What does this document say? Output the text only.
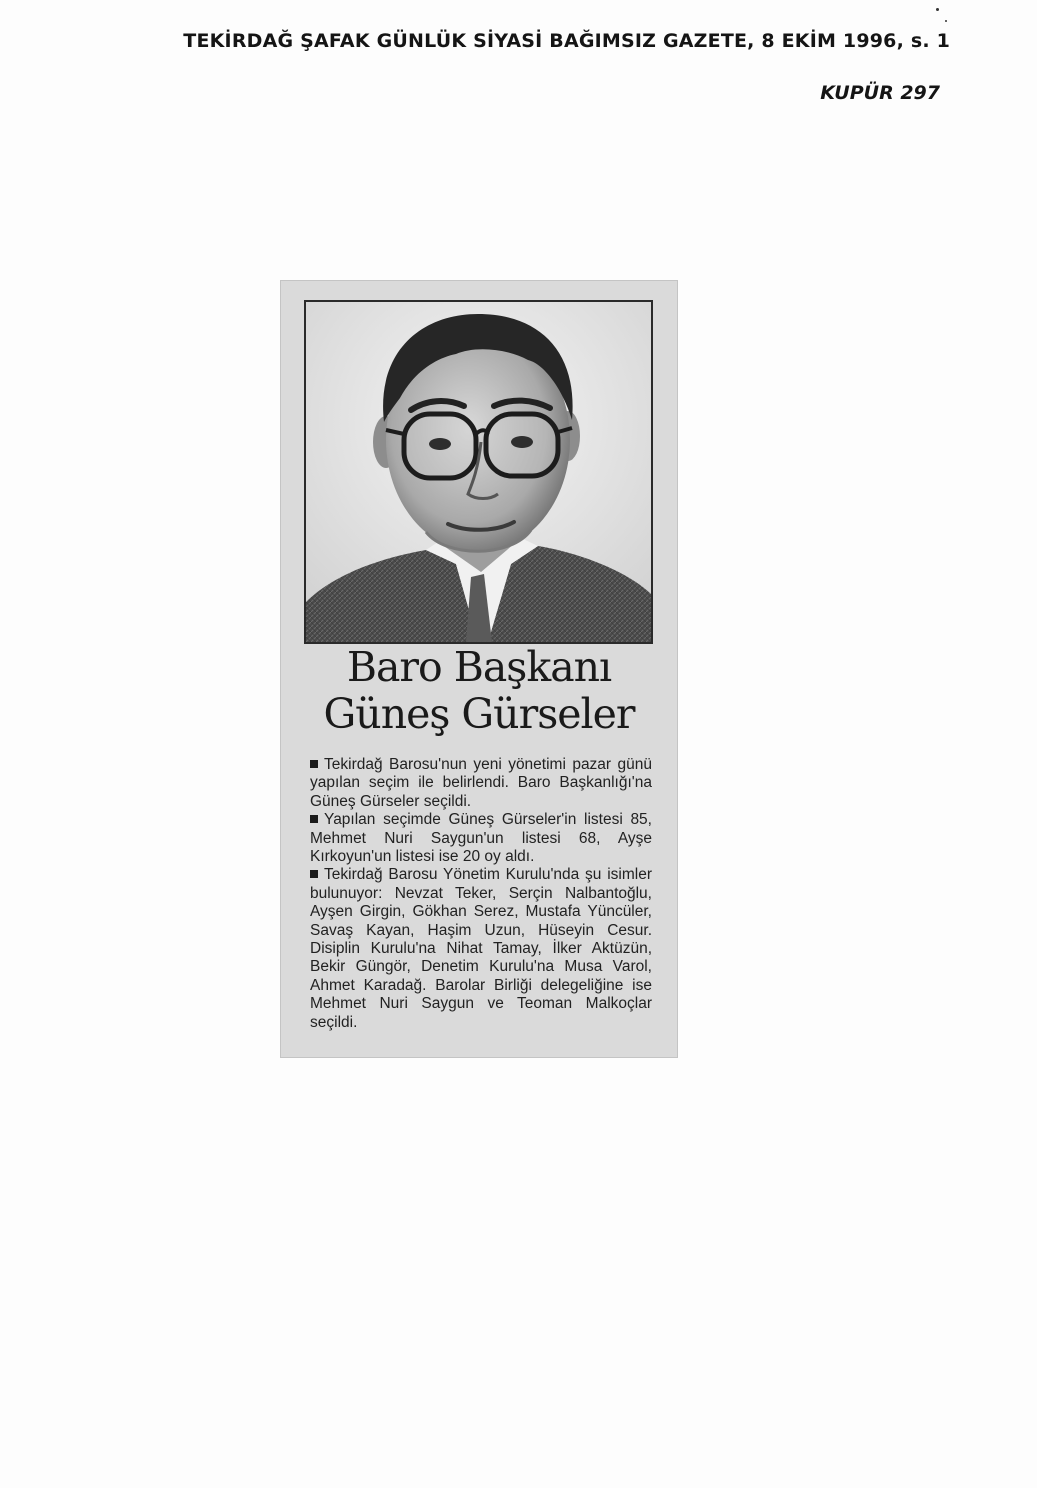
TEKİRDAĞ ŞAFAK GÜNLÜK SİYASİ BAĞIMSIZ GAZETE, 8 EKİM 1996, s. 1
KUPÜR 297
Baro Başkanı
Güneş Gürseler

Tekirdağ Barosu'nun yeni yönetimi pazar günü yapılan seçim ile belirlendi. Baro Başkanlığı'na Güneş Gürseler seçildi.

Yapılan seçimde Güneş Gürseler'in listesi 85, Mehmet Nuri Saygun'un listesi 68, Ayşe Kırkoyun'un listesi ise 20 oy aldı.

Tekirdağ Barosu Yönetim Kurulu'nda şu isimler bulunuyor: Nevzat Teker, Serçin Nalbantoğlu, Ayşen Girgin, Gökhan Serez, Mustafa Yüncüler, Savaş Kayan, Haşim Uzun, Hüseyin Cesur. Disiplin Kurulu'na Nihat Tamay, İlker Aktüzün, Bekir Güngör, Denetim Kurulu'na Musa Varol, Ahmet Karadağ. Barolar Birliği delegeliğine ise Mehmet Nuri Saygun ve Teoman Malkoçlar seçildi.
